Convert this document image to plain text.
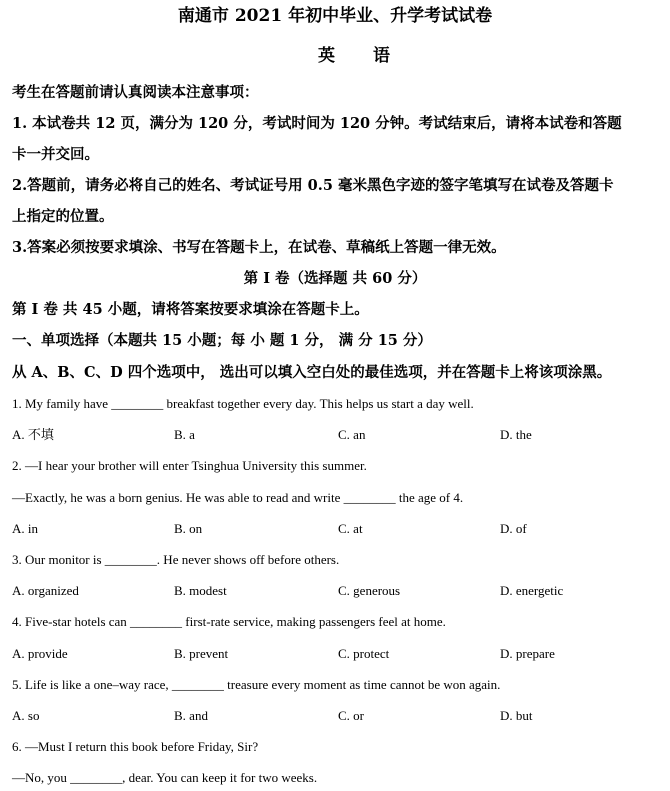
南通市 2021 年初中毕业、升学考试试卷
英语
考生在答题前请认真阅读本注意事项：
1. 本试卷共 12 页，满分为 120 分，考试时间为 120 分钟。考试结束后，请将本试卷和答题
卡一并交回。
2.答题前，请务必将自己的姓名、考试证号用 0.5 毫米黑色字迹的签字笔填写在试卷及答题卡
上指定的位置。
3.答案必须按要求填涂、书写在答题卡上，在试卷、草稿纸上答题一律无效。
第 I 卷（选择题 共 60 分）
第 I 卷 共 45 小题，请将答案按要求填涂在答题卡上。
一、单项选择（本题共 15 小题；每 小 题 1 分， 满 分 15 分）
从 A、B、C、D 四个选项中， 选出可以填入空白处的最佳选项，并在答题卡上将该项涂黑。
1. My family have ________ breakfast together every day. This helps us start a day well.
A. 不填	B. a	C. an	D. the
2. —I hear your brother will enter Tsinghua University this summer.
—Exactly, he was a born genius. He was able to read and write ________ the age of 4.
A. in	B. on	C. at	D. of
3. Our monitor is ________. He never shows off before others.
A. organized	B. modest	C. generous	D. energetic
4. Five-star hotels can ________ first-rate service, making passengers feel at home.
A. provide	B. prevent	C. protect	D. prepare
5. Life is like a one–way race, ________ treasure every moment as time cannot be won again.
A. so	B. and	C. or	D. but
6. —Must I return this book before Friday, Sir?
—No, you ________, dear. You can keep it for two weeks.
